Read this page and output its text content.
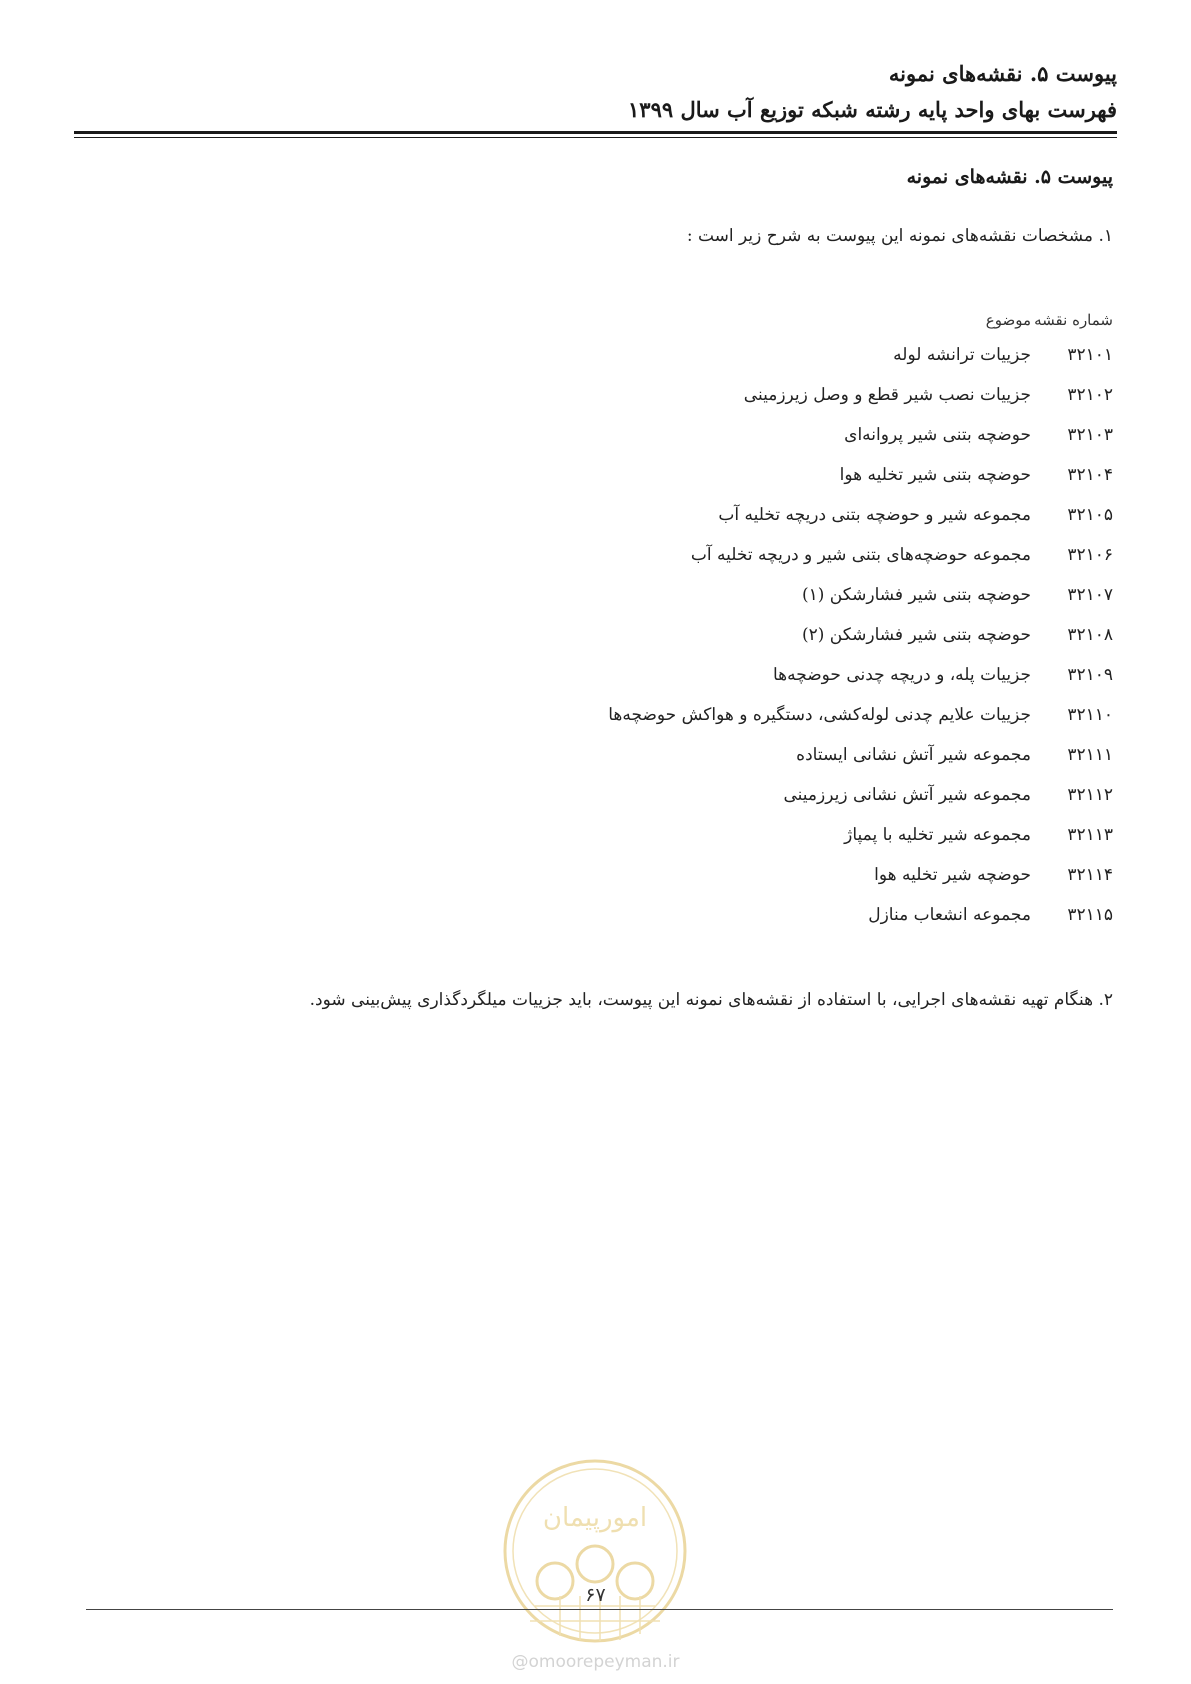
پیوست ۵. نقشه‌های نمونه
فهرست بهای واحد پایه رشته شبکه توزیع آب سال ۱۳۹۹
پیوست ۵. نقشه‌های نمونه
۱. مشخصات نقشه‌های نمونه این پیوست به شرح زیر است :
شماره نقشه
موضوع
۳۲۱۰۱
جزییات ترانشه لوله
۳۲۱۰۲
جزییات نصب شیر قطع و وصل زیرزمینی
۳۲۱۰۳
حوضچه بتنی شیر پروانه‌ای
۳۲۱۰۴
حوضچه بتنی شیر تخلیه هوا
۳۲۱۰۵
مجموعه شیر و حوضچه بتنی دریچه تخلیه آب
۳۲۱۰۶
مجموعه حوضچه‌های بتنی شیر و دریچه تخلیه آب
۳۲۱۰۷
حوضچه بتنی شیر فشارشکن (۱)
۳۲۱۰۸
حوضچه بتنی شیر فشارشکن (۲)
۳۲۱۰۹
جزییات پله، و دریچه چدنی حوضچه‌ها
۳۲۱۱۰
جزییات علایم چدنی لوله‌کشی، دستگیره و هواکش حوضچه‌ها
۳۲۱۱۱
مجموعه شیر آتش نشانی ایستاده
۳۲۱۱۲
مجموعه شیر آتش نشانی زیرزمینی
۳۲۱۱۳
مجموعه شیر تخلیه با پمپاژ
۳۲۱۱۴
حوضچه شیر تخلیه هوا
۳۲۱۱۵
مجموعه انشعاب منازل
۲. هنگام تهیه نقشه‌های اجرایی، با استفاده از نقشه‌های نمونه این پیوست، باید جزییات میلگردگذاری پیش‌بینی شود.
امورپیمان
۶۷
@omoorepeyman.ir
